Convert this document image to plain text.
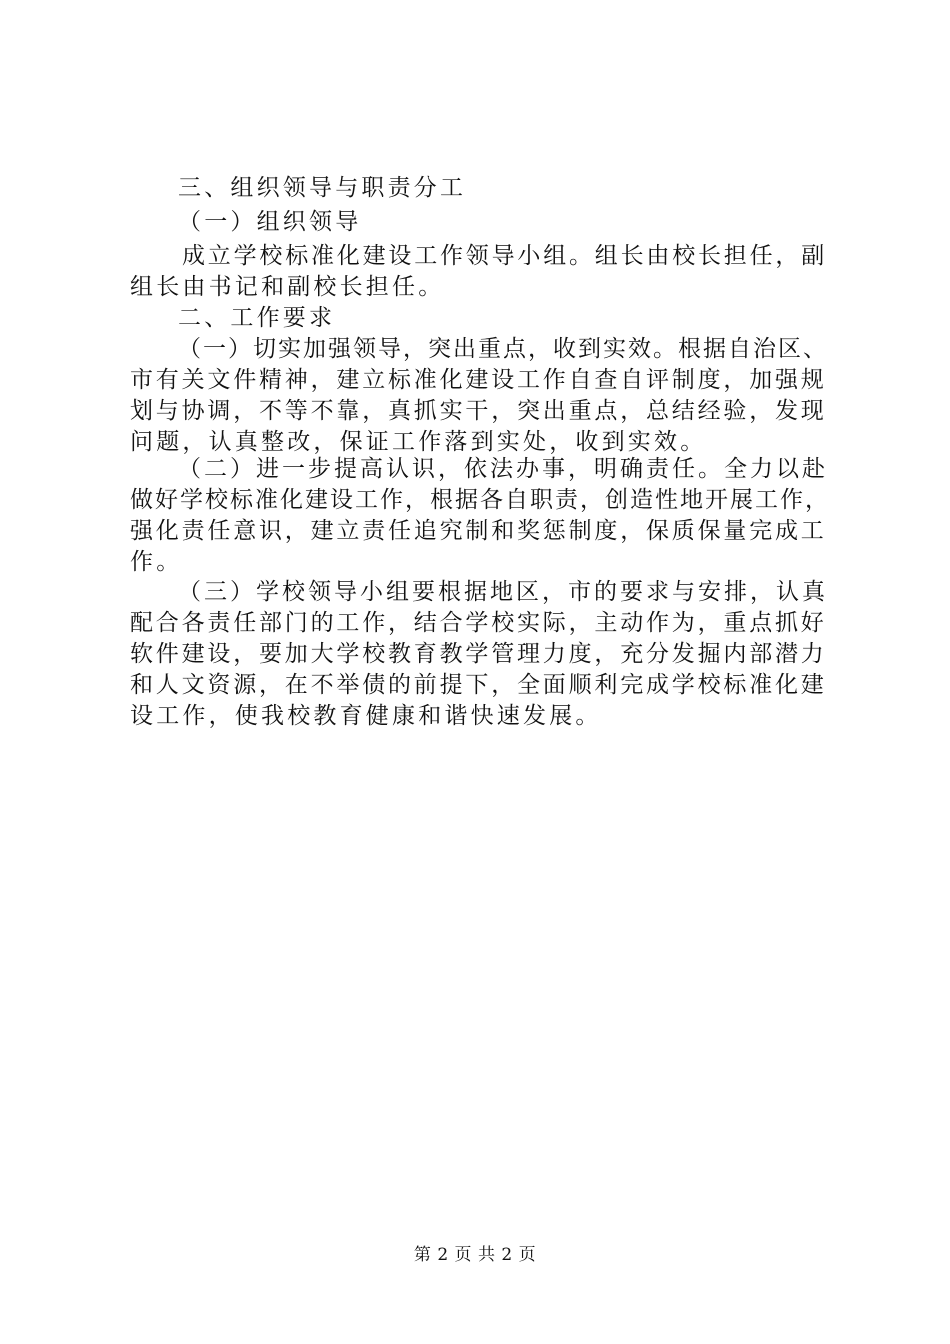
三、组织领导与职责分工
（一）组织领导
成立学校标准化建设工作领导小组。组长由校长担任，副
组长由书记和副校长担任。
二、工作要求
（一）切实加强领导，突出重点，收到实效。根据自治区、
市有关文件精神，建立标准化建设工作自查自评制度，加强规
划与协调，不等不靠，真抓实干，突出重点，总结经验，发现
问题，认真整改，保证工作落到实处，收到实效。
（二）进一步提高认识，依法办事，明确责任。全力以赴
做好学校标准化建设工作，根据各自职责，创造性地开展工作，
强化责任意识，建立责任追究制和奖惩制度，保质保量完成工
作。
（三）学校领导小组要根据地区，市的要求与安排，认真
配合各责任部门的工作，结合学校实际，主动作为，重点抓好
软件建设，要加大学校教育教学管理力度，充分发掘内部潜力
和人文资源，在不举债的前提下，全面顺利完成学校标准化建
设工作，使我校教育健康和谐快速发展。
第 2 页 共 2 页
